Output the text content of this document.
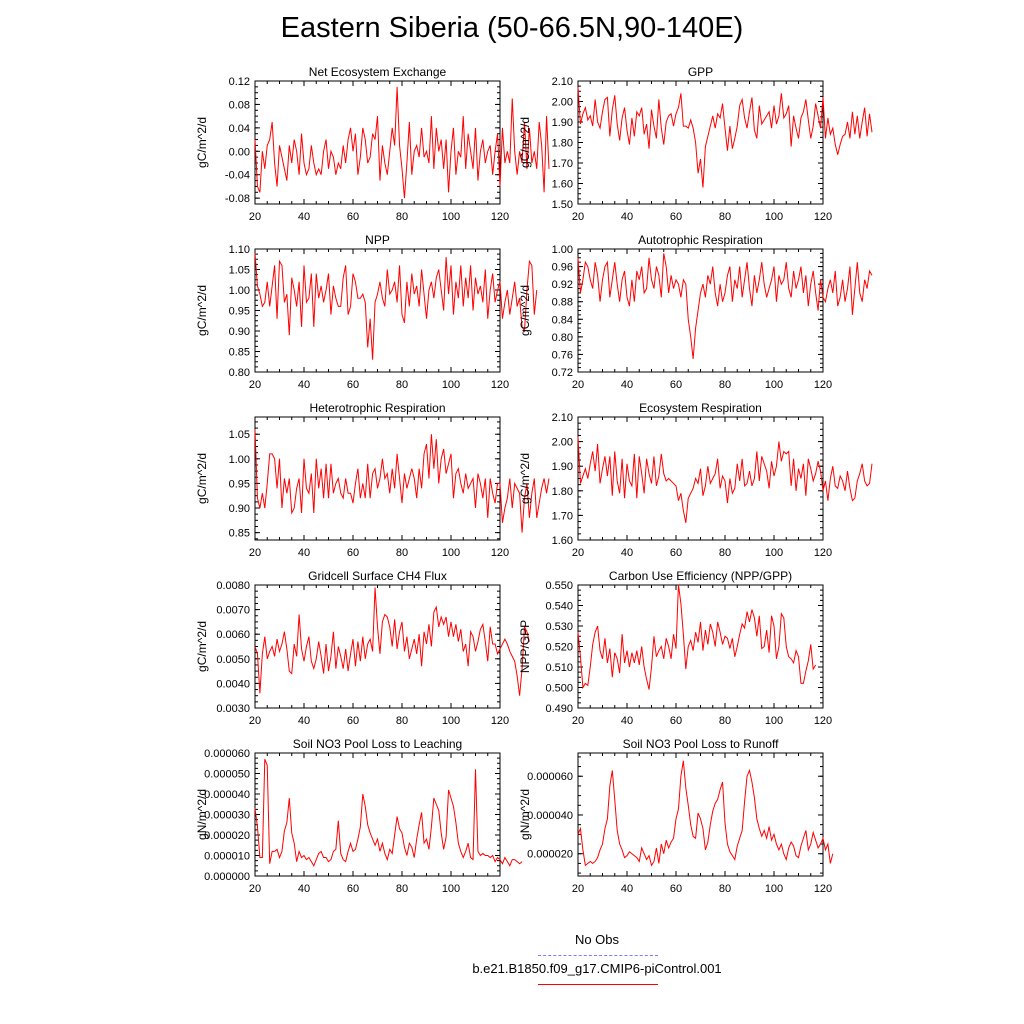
Eastern Siberia (50-66.5N,90-140E)
Net Ecosystem Exchange
gC/m^2/d
20	40	60	80	100	120
-0.08
-0.04
0.00
0.04
0.08
0.12
GPP
gC/m^2/d
20	40	60	80	100	120
1.50
1.60
1.70
1.80
1.90
2.00
2.10
NPP
gC/m^2/d
20	40	60	80	100	120
0.80
0.85
0.90
0.95
1.00
1.05
1.10
Autotrophic Respiration
gC/m^2/d
20	40	60	80	100	120
0.72
0.76
0.80
0.84
0.88
0.92
0.96
1.00
Heterotrophic Respiration
gC/m^2/d
20	40	60	80	100	120
0.85
0.90
0.95
1.00
1.05
Ecosystem Respiration
gC/m^2/d
20	40	60	80	100	120
1.60
1.70
1.80
1.90
2.00
2.10
Gridcell Surface CH4 Flux
gC/m^2/d
20	40	60	80	100	120
0.0030
0.0040
0.0050
0.0060
0.0070
0.0080
Carbon Use Efficiency (NPP/GPP)
NPP/GPP
20	40	60	80	100	120
0.490
0.500
0.510
0.520
0.530
0.540
0.550
Soil NO3 Pool Loss to Leaching
gN/m^2/d
20	40	60	80	100	120
0.000000
0.000010
0.000020
0.000030
0.000040
0.000050
0.000060
Soil NO3 Pool Loss to Runoff
gN/m^2/d
20	40	60	80	100	120
0.000020
0.000040
0.000060
No Obs
b.e21.B1850.f09_g17.CMIP6-piControl.001
